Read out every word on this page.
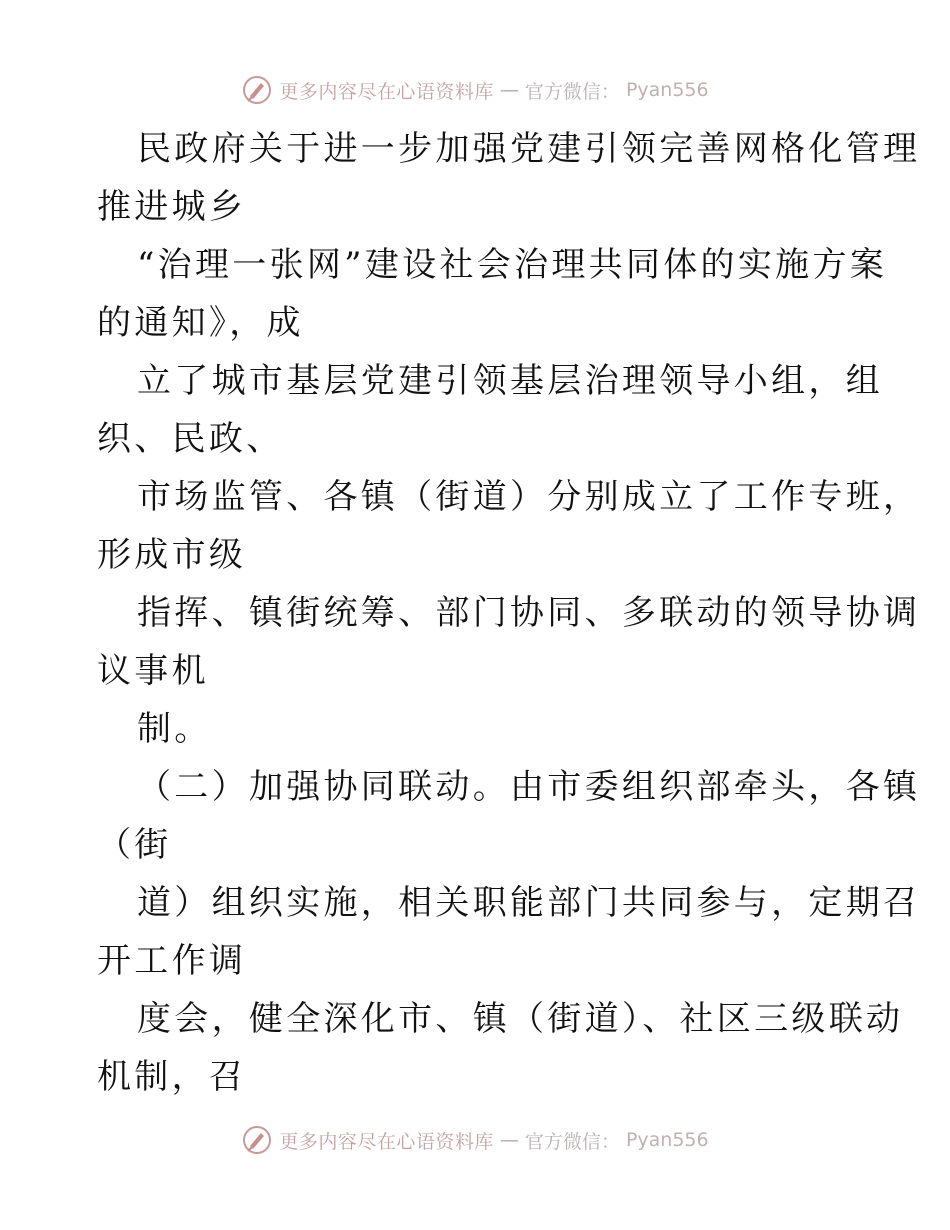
更多内容尽在心语资料库 — 官方微信： Pyan556
民政府关于进一步加强党建引领完善网格化管理
推进城乡
“治理一张网”建设社会治理共同体的实施方案
的通知》，成
立了城市基层党建引领基层治理领导小组，组
织、民政、
市场监管、各镇（街道）分别成立了工作专班，
形成市级
指挥、镇街统筹、部门协同、多联动的领导协调
议事机
制。
（二）加强协同联动。由市委组织部牵头，各镇
（街
道）组织实施，相关职能部门共同参与，定期召
开工作调
度会，健全深化市、镇（街道）、社区三级联动
机制，召
更多内容尽在心语资料库 — 官方微信： Pyan556
